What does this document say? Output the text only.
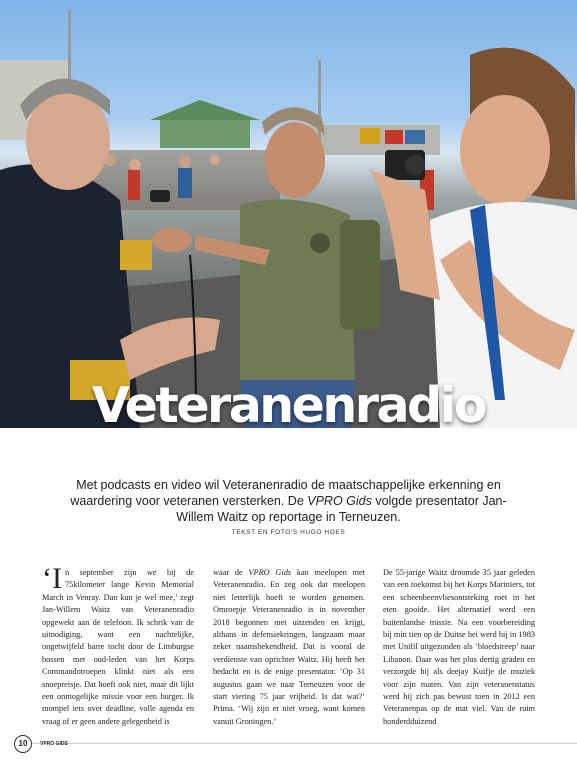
Veteranenradio
Met podcasts en video wil Veteranenradio de maatschappelijke erkenning en waardering voor veteranen versterken. De VPRO Gids volgde presentator Jan-Willem Waitz op reportage in Terneuzen.
TEKST EN FOTO'S HUGO HOES

‘In september zijn we bij de 75kilometer lange Kevin Memorial March in Venray. Dan kun je wel mee,’ zegt Jan-Willem Waitz van Veteranenradio opgewekt aan de telefoon. Ik schrik van de uitnodiging, want een nachtelijke, ongetwijfeld barre tocht door de Limburgse bossen met oud-leden van het Korps Commandotroepen klinkt niet als een snoepreisje. Dat hoeft ook niet, maar dit lijkt een onmogelijke missie voor een burger. Ik mompel iets over deadline, volle agenda en vraag of er geen andere gelegenheid is

waar de VPRO Gids kan meelopen met Veteranenradio. En zeg ook dat meelopen niet letterlijk hoeft te worden genomen. Omroepje Veteranenradio is in november 2018 begonnen met uitzenden en krijgt, althans in defensiekringen, langzaam maar zeker naamsbekendheid. Dat is vooral de verdienste van oprichter Waitz. Hij heeft het bedacht en is de enige presentator. ‘Op 31 augustus gaan we naar Terneuzen voor de start viering 75 jaar vrijheid. Is dat wat?’ Prima. ‘Wij zijn er niet vroeg, want komen vanuit Groningen.’

De 55-jarige Waitz droomde 35 jaar geleden van een toekomst bij het Korps Mariniers, tot een scheenbeenvliesontsteking roet in het eten gooide. Het alternatief werd een buitenlandse missie. Na een voorbereiding bij min tien op de Duitse hei werd hij in 1983 met Unifil uitgezonden als ‘bloedstreep’ naar Libanon. Daar was het plus dertig graden en verzorgde hij als deejay Kuifje de muziek voor zijn maten. Van zijn veteranenstatus werd hij zich pas bewust toen in 2012 een Veteranenpas op de mat viel. Van de ruim honderdduizend

10	VPRO GIDS
